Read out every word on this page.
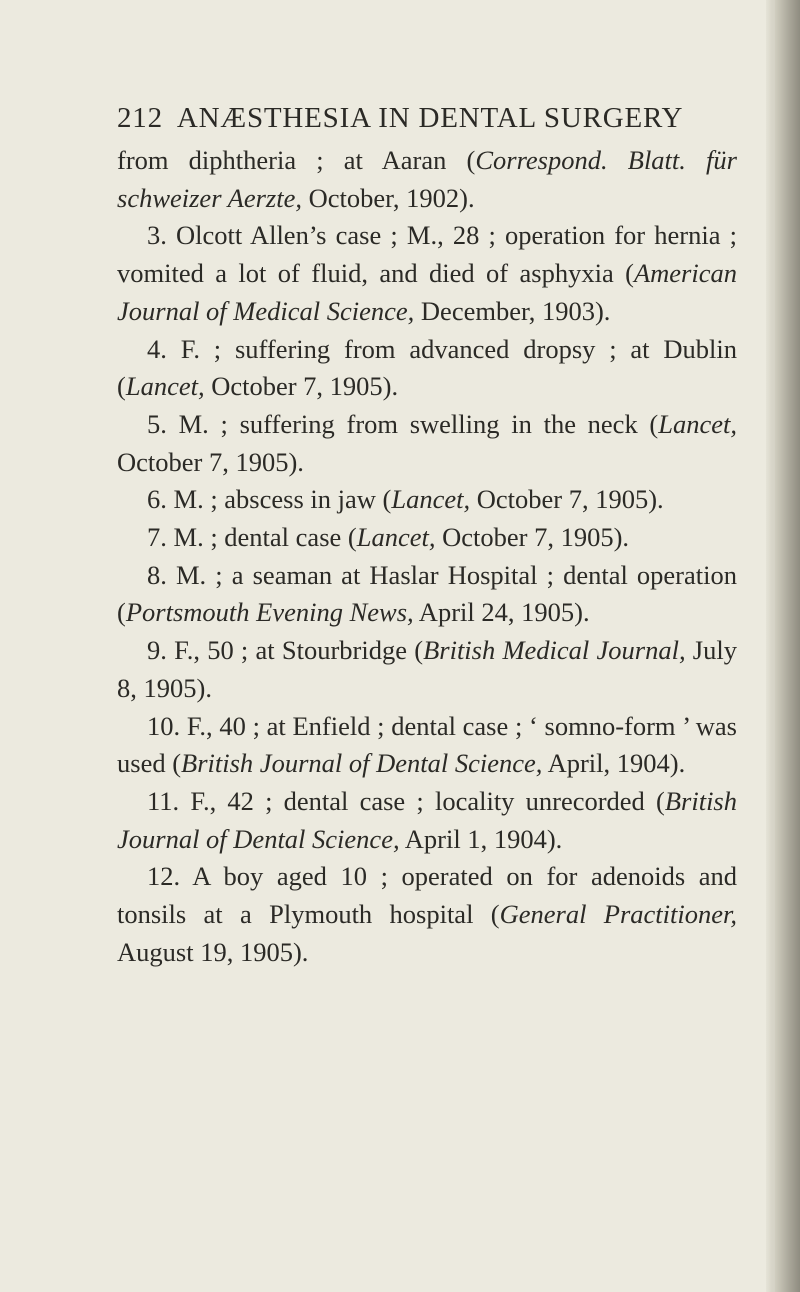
212 ANÆSTHESIA IN DENTAL SURGERY

from diphtheria ; at Aaran (Correspond. Blatt. für schweizer Aerzte, October, 1902).

3. Olcott Allen’s case ; M., 28 ; operation for hernia ; vomited a lot of fluid, and died of asphyxia (American Journal of Medical Science, December, 1903).

4. F. ; suffering from advanced dropsy ; at Dublin (Lancet, October 7, 1905).

5. M. ; suffering from swelling in the neck (Lancet, October 7, 1905).

6. M. ; abscess in jaw (Lancet, October 7, 1905).

7. M. ; dental case (Lancet, October 7, 1905).

8. M. ; a seaman at Haslar Hospital ; dental operation (Portsmouth Evening News, April 24, 1905).

9. F., 50 ; at Stourbridge (British Medical Journal, July 8, 1905).

10. F., 40 ; at Enfield ; dental case ; ‘ somno-form ’ was used (British Journal of Dental Science, April, 1904).

11. F., 42 ; dental case ; locality unrecorded (British Journal of Dental Science, April 1, 1904).

12. A boy aged 10 ; operated on for adenoids and tonsils at a Plymouth hospital (General Practitioner, August 19, 1905).
